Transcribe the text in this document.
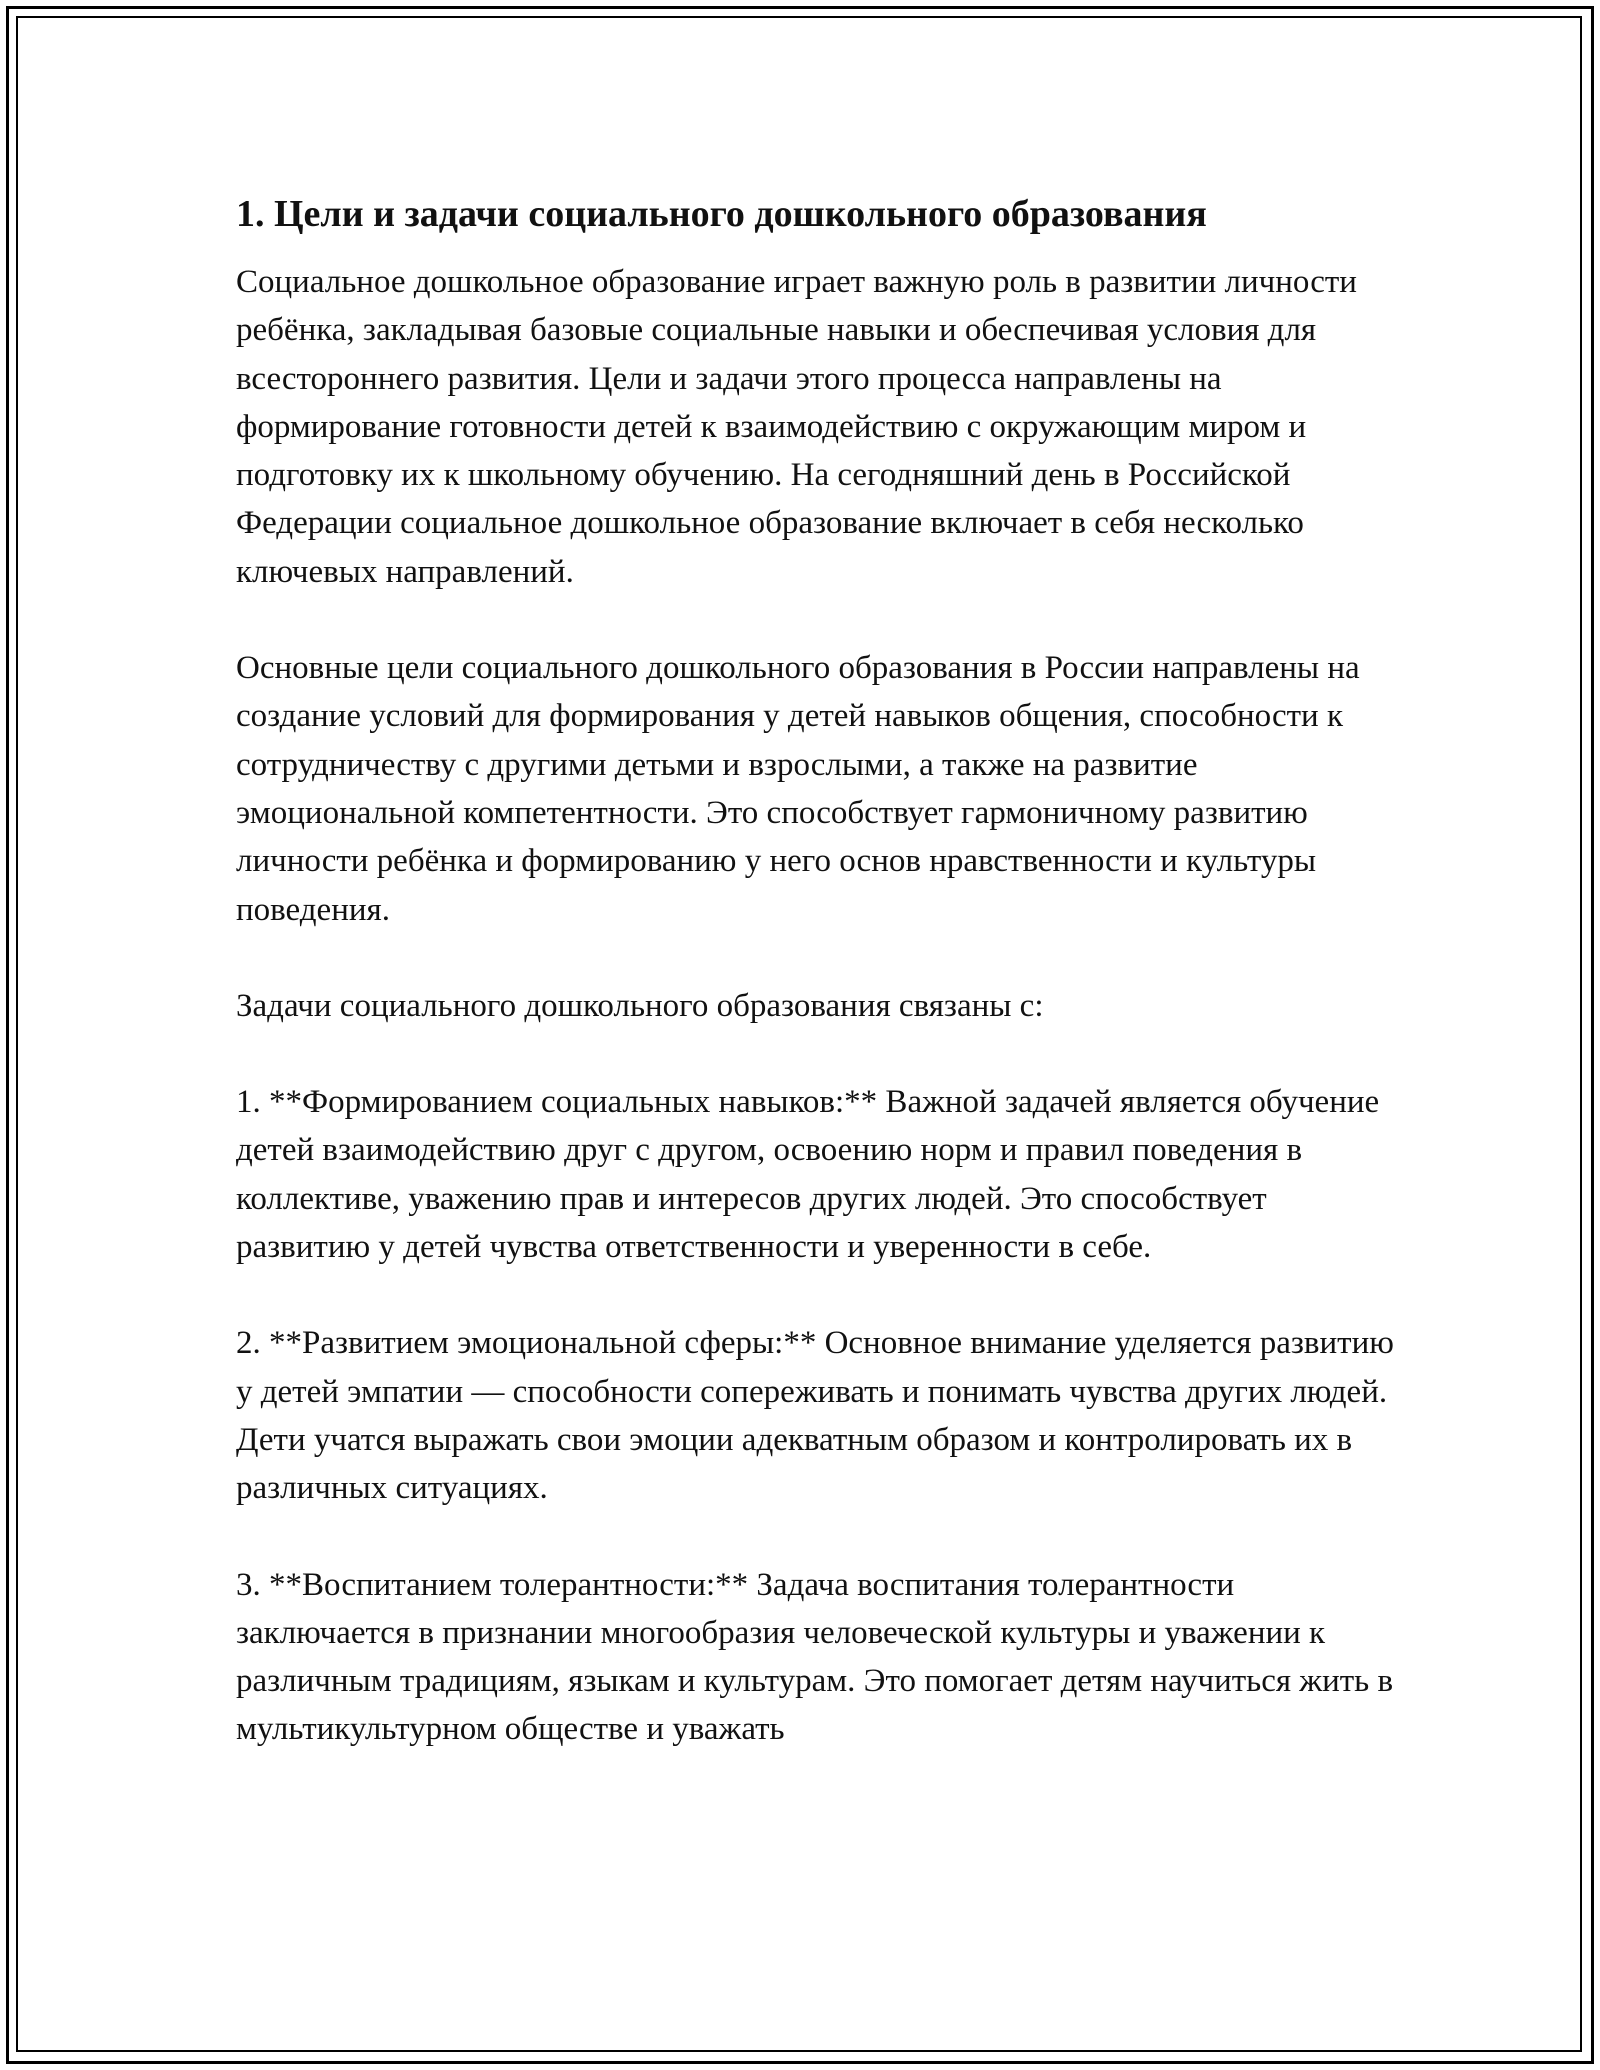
1. Цели и задачи социального дошкольного образования

Социальное дошкольное образование играет важную роль в развитии личности ребёнка, закладывая базовые социальные навыки и обеспечивая условия для всестороннего развития. Цели и задачи этого процесса направлены на формирование готовности детей к взаимодействию с окружающим миром и подготовку их к школьному обучению. На сегодняшний день в Российской Федерации социальное дошкольное образование включает в себя несколько ключевых направлений.

Основные цели социального дошкольного образования в России направлены на создание условий для формирования у детей навыков общения, способности к сотрудничеству с другими детьми и взрослыми, а также на развитие эмоциональной компетентности. Это способствует гармоничному развитию личности ребёнка и формированию у него основ нравственности и культуры поведения.

Задачи социального дошкольного образования связаны с:

1. **Формированием социальных навыков:** Важной задачей является обучение детей взаимодействию друг с другом, освоению норм и правил поведения в коллективе, уважению прав и интересов других людей. Это способствует развитию у детей чувства ответственности и уверенности в себе.

2. **Развитием эмоциональной сферы:** Основное внимание уделяется развитию у детей эмпатии — способности сопереживать и понимать чувства других людей. Дети учатся выражать свои эмоции адекватным образом и контролировать их в различных ситуациях.

3. **Воспитанием толерантности:** Задача воспитания толерантности заключается в признании многообразия человеческой культуры и уважении к различным традициям, языкам и культурам. Это помогает детям научиться жить в мультикультурном обществе и уважать
